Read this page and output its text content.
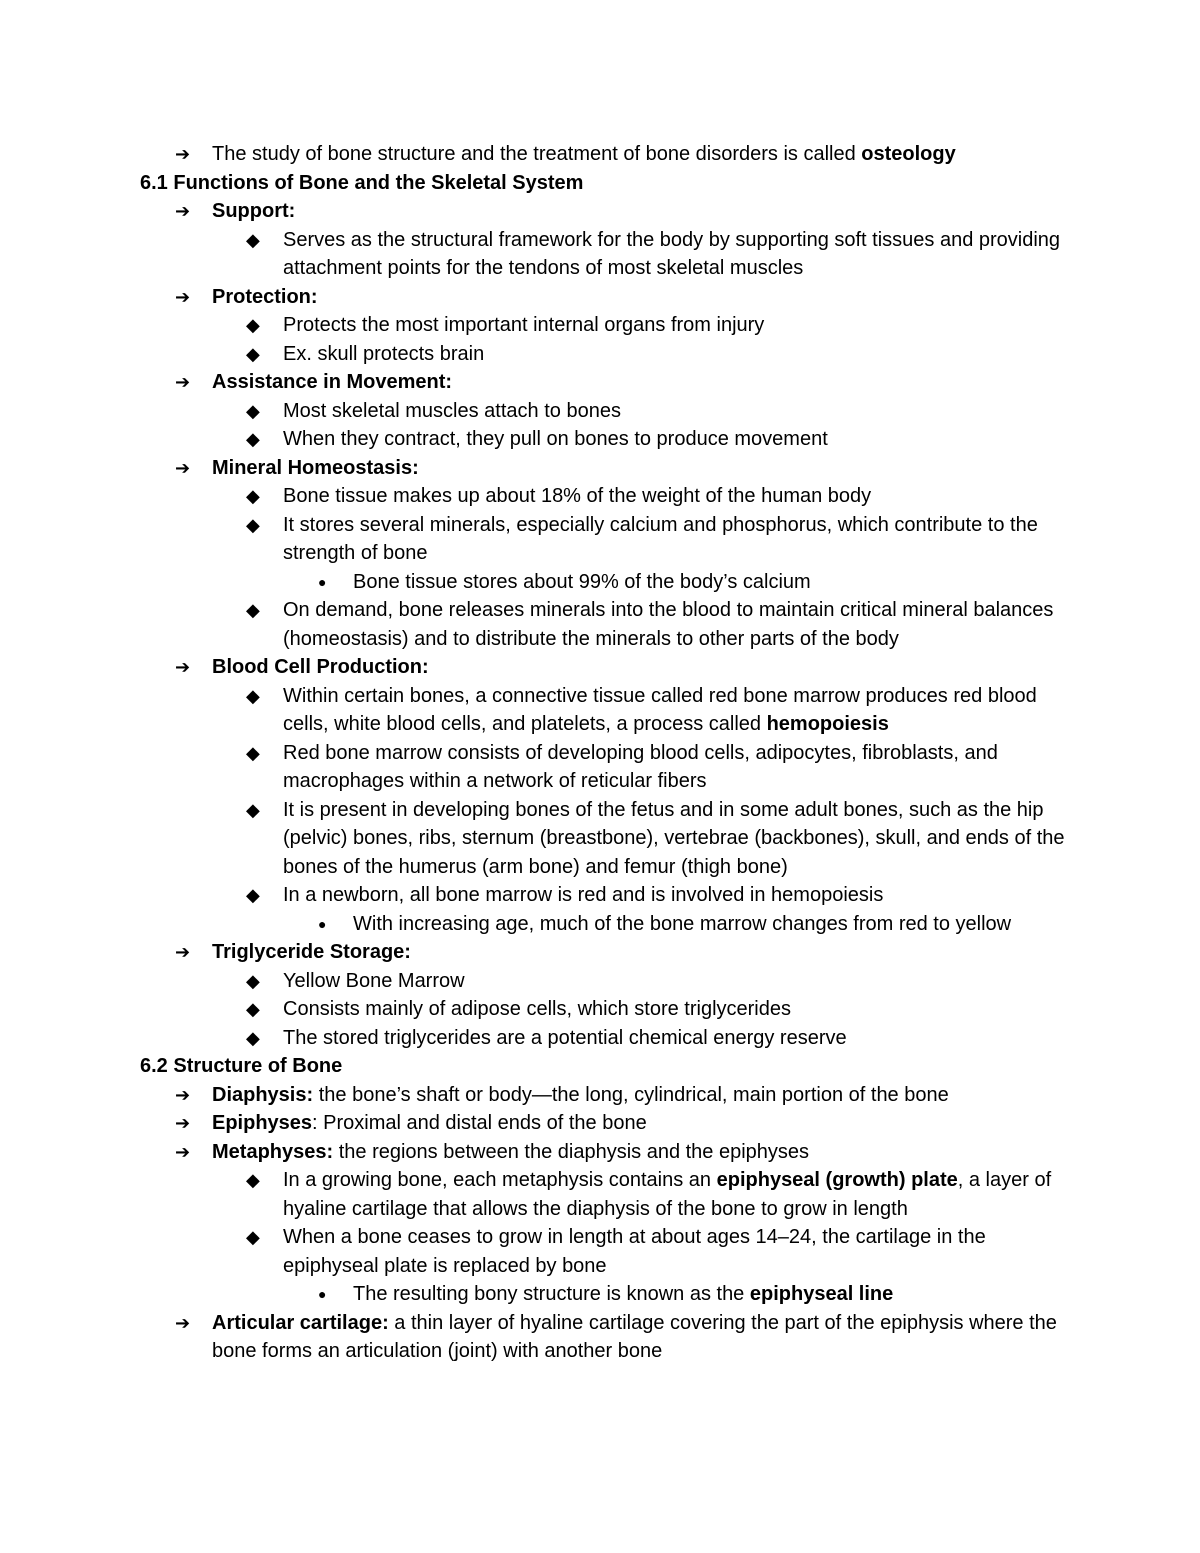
➔ The study of bone structure and the treatment of bone disorders is called osteology
6.1 Functions of Bone and the Skeletal System
➔ Support:
◆ Serves as the structural framework for the body by supporting soft tissues and providing attachment points for the tendons of most skeletal muscles
➔ Protection:
◆ Protects the most important internal organs from injury
◆ Ex. skull protects brain
➔ Assistance in Movement:
◆ Most skeletal muscles attach to bones
◆ When they contract, they pull on bones to produce movement
➔ Mineral Homeostasis:
◆ Bone tissue makes up about 18% of the weight of the human body
◆ It stores several minerals, especially calcium and phosphorus, which contribute to the strength of bone
● Bone tissue stores about 99% of the body’s calcium
◆ On demand, bone releases minerals into the blood to maintain critical mineral balances (homeostasis) and to distribute the minerals to other parts of the body
➔ Blood Cell Production:
◆ Within certain bones, a connective tissue called red bone marrow produces red blood cells, white blood cells, and platelets, a process called hemopoiesis
◆ Red bone marrow consists of developing blood cells, adipocytes, fibroblasts, and macrophages within a network of reticular fibers
◆ It is present in developing bones of the fetus and in some adult bones, such as the hip (pelvic) bones, ribs, sternum (breastbone), vertebrae (backbones), skull, and ends of the bones of the humerus (arm bone) and femur (thigh bone)
◆ In a newborn, all bone marrow is red and is involved in hemopoiesis
● With increasing age, much of the bone marrow changes from red to yellow
➔ Triglyceride Storage:
◆ Yellow Bone Marrow
◆ Consists mainly of adipose cells, which store triglycerides
◆ The stored triglycerides are a potential chemical energy reserve
6.2 Structure of Bone
➔ Diaphysis: the bone’s shaft or body—the long, cylindrical, main portion of the bone
➔ Epiphyses: Proximal and distal ends of the bone
➔ Metaphyses: the regions between the diaphysis and the epiphyses
◆ In a growing bone, each metaphysis contains an epiphyseal (growth) plate, a layer of hyaline cartilage that allows the diaphysis of the bone to grow in length
◆ When a bone ceases to grow in length at about ages 14–24, the cartilage in the epiphyseal plate is replaced by bone
● The resulting bony structure is known as the epiphyseal line
➔ Articular cartilage: a thin layer of hyaline cartilage covering the part of the epiphysis where the bone forms an articulation (joint) with another bone
